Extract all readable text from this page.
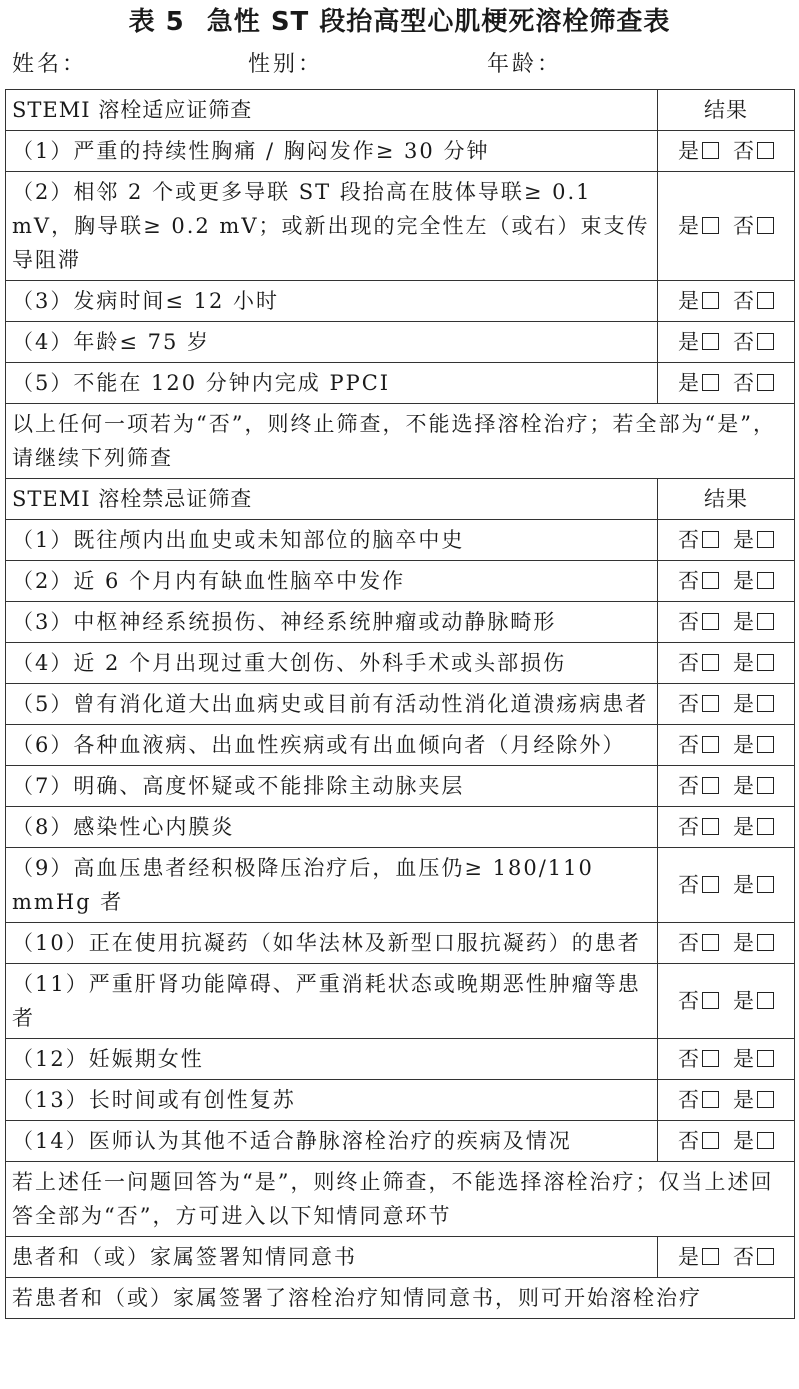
表 5 急性 ST 段抬高型心肌梗死溶栓筛查表
姓名：	性别：	年龄：
STEMI 溶栓适应证筛查	结果
（1）严重的持续性胸痛 / 胸闷发作≥ 30 分钟	是 否
（2）相邻 2 个或更多导联 ST 段抬高在肢体导联≥ 0.1 mV，胸导联≥ 0.2 mV；或新出现的完全性左（或右）束支传导阻滞	是 否
（3）发病时间≤ 12 小时	是 否
（4）年龄≤ 75 岁	是 否
（5）不能在 120 分钟内完成 PPCI	是 否
以上任何一项若为“否”，则终止筛查，不能选择溶栓治疗；若全部为“是”，请继续下列筛查	
STEMI 溶栓禁忌证筛查	结果
（1）既往颅内出血史或未知部位的脑卒中史	否 是
（2）近 6 个月内有缺血性脑卒中发作	否 是
（3）中枢神经系统损伤、神经系统肿瘤或动静脉畸形	否 是
（4）近 2 个月出现过重大创伤、外科手术或头部损伤	否 是
（5）曾有消化道大出血病史或目前有活动性消化道溃疡病患者	否 是
（6）各种血液病、出血性疾病或有出血倾向者（月经除外）	否 是
（7）明确、高度怀疑或不能排除主动脉夹层	否 是
（8）感染性心内膜炎	否 是
（9）高血压患者经积极降压治疗后，血压仍≥ 180/110 mmHg 者	否 是
（10）正在使用抗凝药（如华法林及新型口服抗凝药）的患者	否 是
（11）严重肝肾功能障碍、严重消耗状态或晚期恶性肿瘤等患者	否 是
（12）妊娠期女性	否 是
（13）长时间或有创性复苏	否 是
（14）医师认为其他不适合静脉溶栓治疗的疾病及情况	否 是
若上述任一问题回答为“是”，则终止筛查，不能选择溶栓治疗；仅当上述回答全部为“否”，方可进入以下知情同意环节	
患者和（或）家属签署知情同意书	是 否
若患者和（或）家属签署了溶栓治疗知情同意书，则可开始溶栓治疗	
